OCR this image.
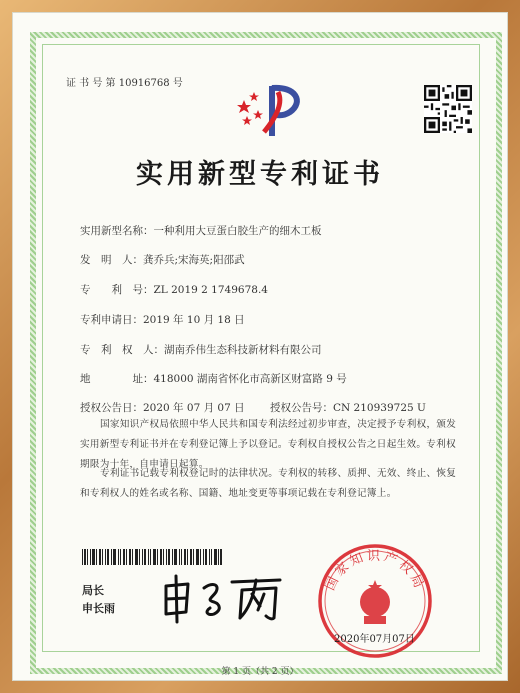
证 书 号 第 10916768 号
实用新型专利证书
实用新型名称：一种利用大豆蛋白胶生产的细木工板
发　明　人：龚乔兵;宋海英;阳邵武
专　　利　号：ZL 2019 2 1749678.4
专利申请日：2019 年 10 月 18 日
专　利　权　人：湖南乔伟生态科技新材料有限公司
地　　　　址：418000 湖南省怀化市高新区财富路 9 号
授权公告日：2020 年 07 月 07 日 授权公告号：CN 210939725 U
国家知识产权局依照中华人民共和国专利法经过初步审查，决定授予专利权，颁发实用新型专利证书并在专利登记簿上予以登记。专利权自授权公告之日起生效。专利权期限为十年，自申请日起算。
专利证书记载专利权登记时的法律状况。专利权的转移、质押、无效、终止、恢复和专利权人的姓名或名称、国籍、地址变更等事项记载在专利登记簿上。
局长
申长雨
国家知识产权局
2020年07月07日
第 1 页（共 2 页）
